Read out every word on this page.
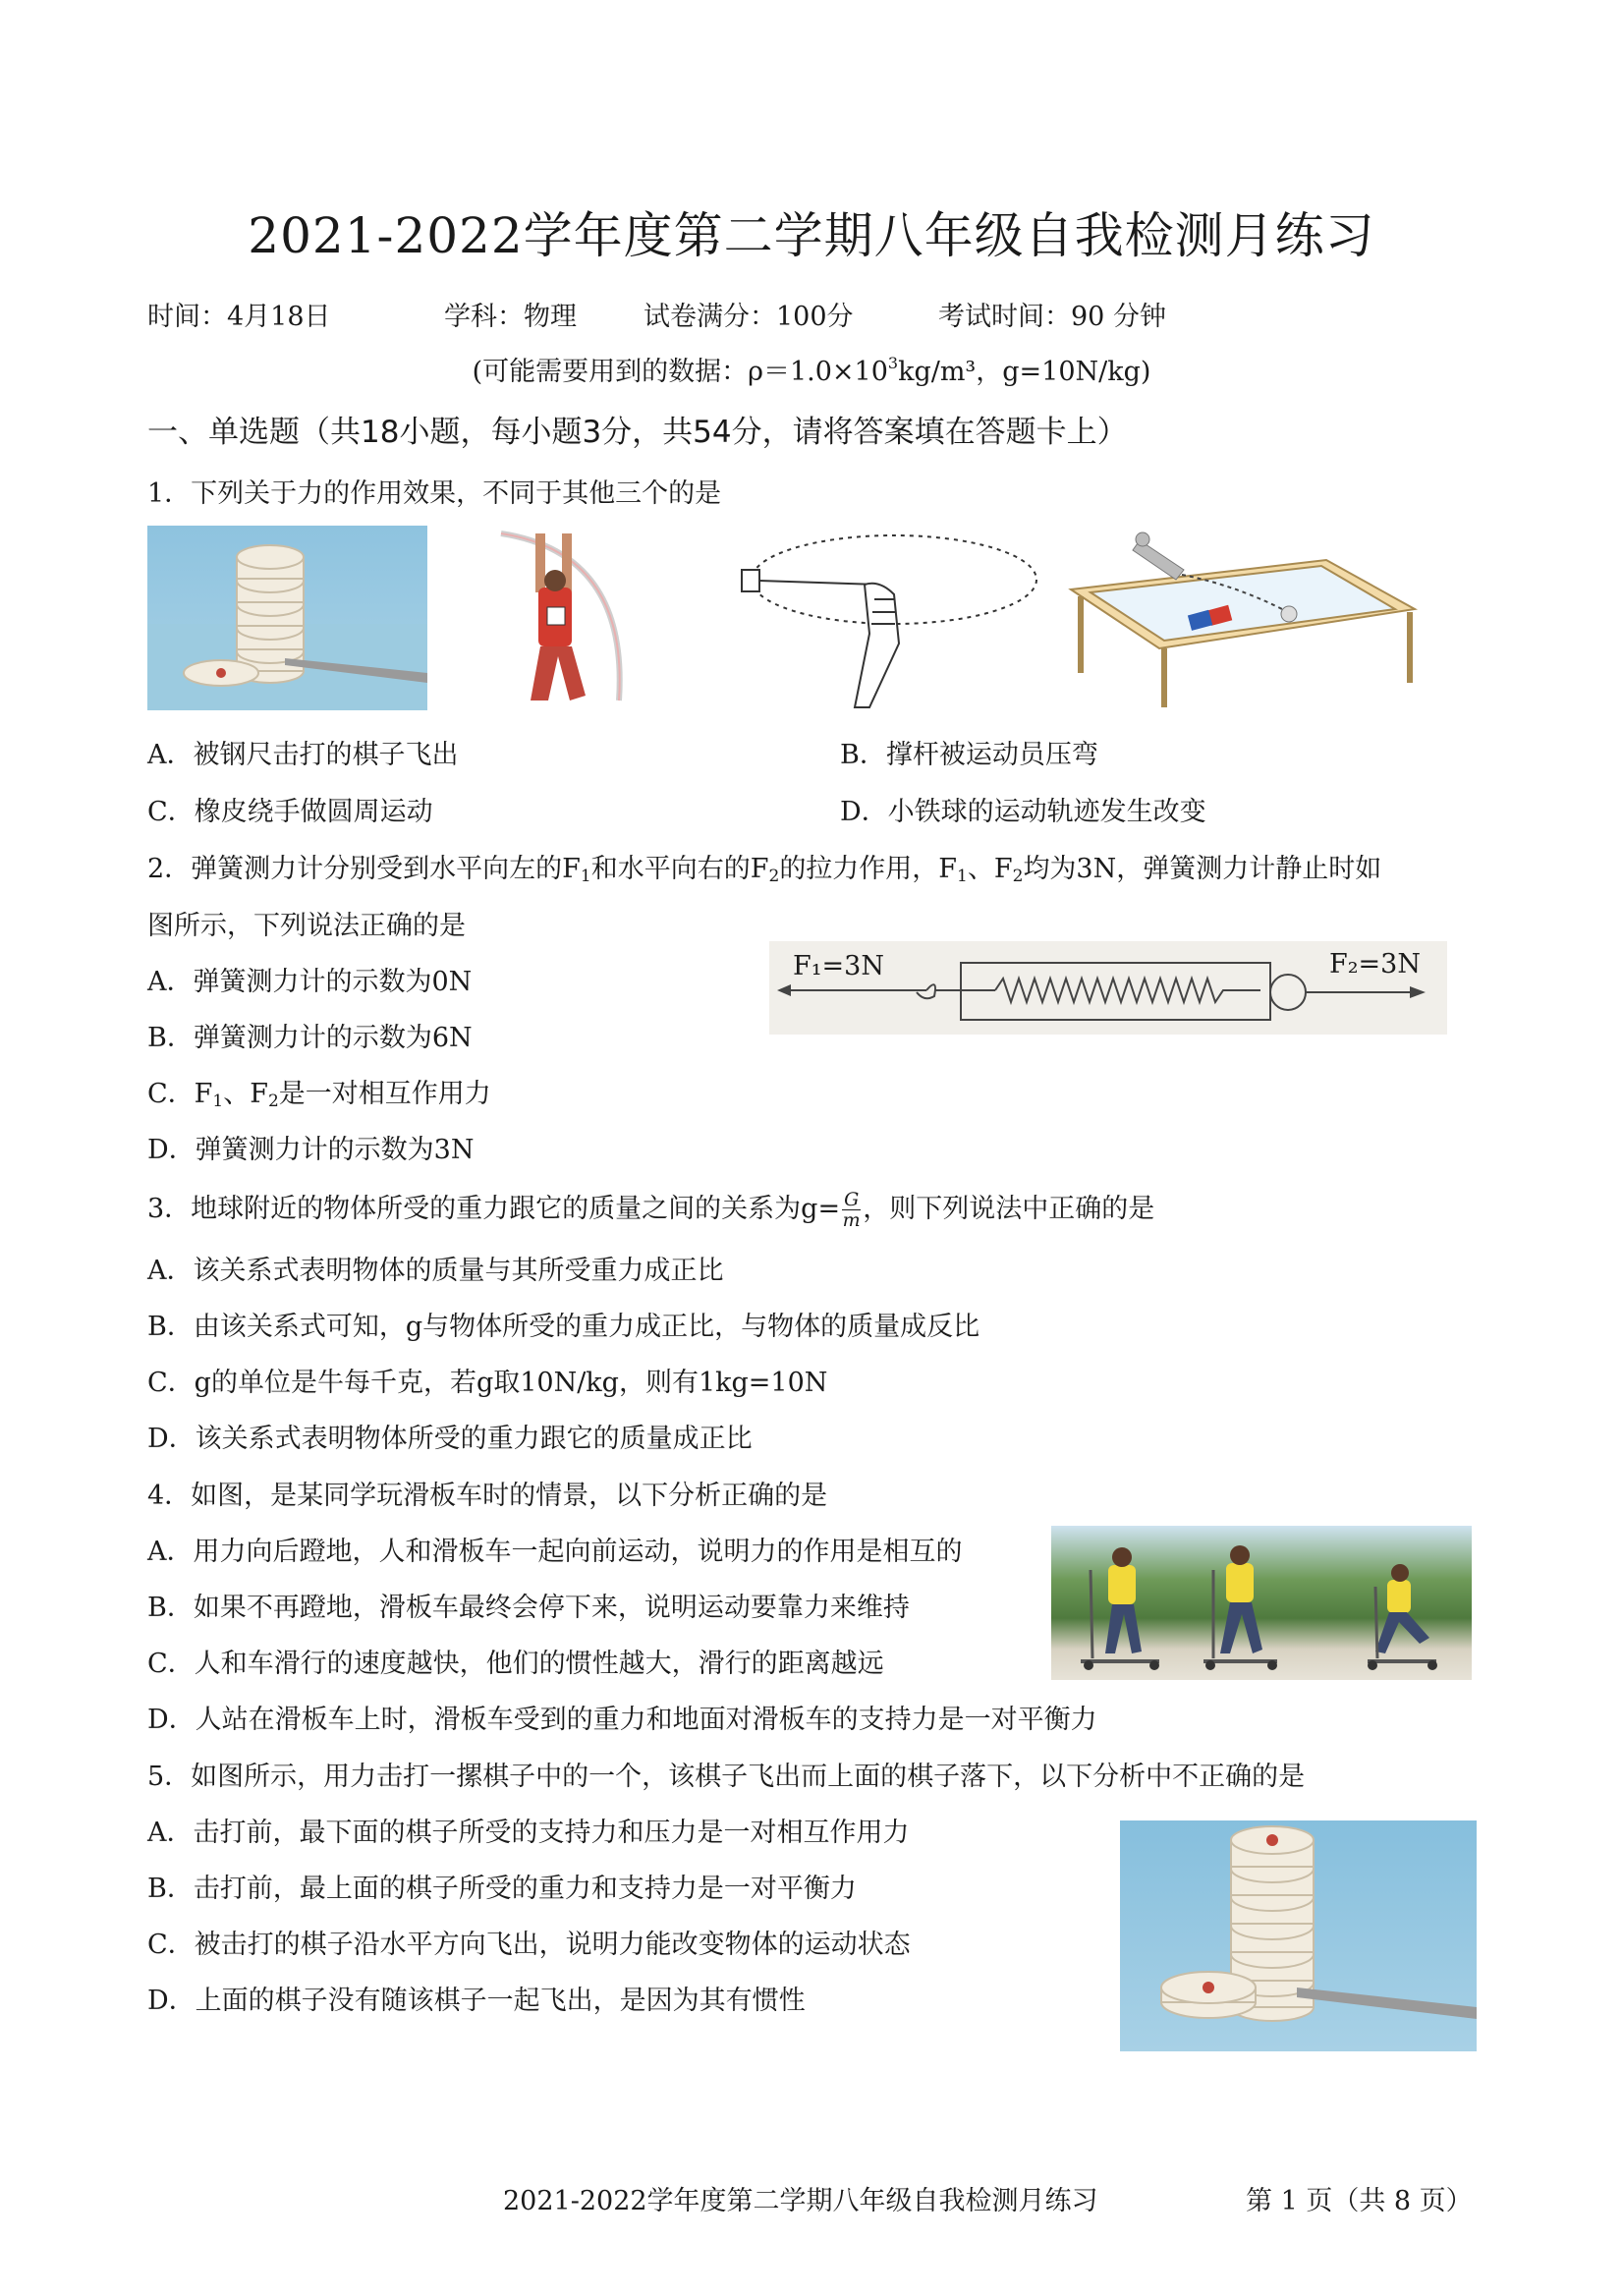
2021-2022学年度第二学期八年级自我检测月练习
时间：4月18日	学科：物理	试卷满分：100分	考试时间：90 分钟
(可能需要用到的数据：$\rho=1.0\times 10^3kg/m^3$，g=10N/kg)
一、单选题（共18小题，每小题3分，共54分，请将答案填在答题卡上）
1．下列关于力的作用效果，不同于其他三个的是
A．被钢尺击打的棋子飞出	B．撑杆被运动员压弯
C．橡皮绕手做圆周运动	D．小铁球的运动轨迹发生改变
2．弹簧测力计分别受到水平向左的$F_1$和水平向右的$F_2$的拉力作用，$F_1$、$F_2$均为3N，弹簧测力计静止时如
图所示，下列说法正确的是
A．弹簧测力计的示数为0N
B．弹簧测力计的示数为6N
C．$F_1$、$F_2$是一对相互作用力
D．弹簧测力计的示数为3N
F₁=3N	F₂=3N
3．地球附近的物体所受的重力跟它的质量之间的关系为$g= \frac{G}{m}$ ，则下列说法中正确的是
A．该关系式表明物体的质量与其所受重力成正比
B．由该关系式可知，g与物体所受的重力成正比，与物体的质量成反比
C．g的单位是牛每千克，若g取10N/kg，则有1kg=10N
D．该关系式表明物体所受的重力跟它的质量成正比
4．如图，是某同学玩滑板车时的情景，以下分析正确的是
A．用力向后蹬地，人和滑板车一起向前运动，说明力的作用是相互的
B．如果不再蹬地，滑板车最终会停下来，说明运动要靠力来维持
C．人和车滑行的速度越快，他们的惯性越大，滑行的距离越远
D．人站在滑板车上时，滑板车受到的重力和地面对滑板车的支持力是一对平衡力
5．如图所示，用力击打一摞棋子中的一个，该棋子飞出而上面的棋子落下，以下分析中不正确的是
A．击打前，最下面的棋子所受的支持力和压力是一对相互作用力
B．击打前，最上面的棋子所受的重力和支持力是一对平衡力
C．被击打的棋子沿水平方向飞出，说明力能改变物体的运动状态
D．上面的棋子没有随该棋子一起飞出，是因为其有惯性
2021-2022学年度第二学期八年级自我检测月练习	第 1 页（共 8 页）
